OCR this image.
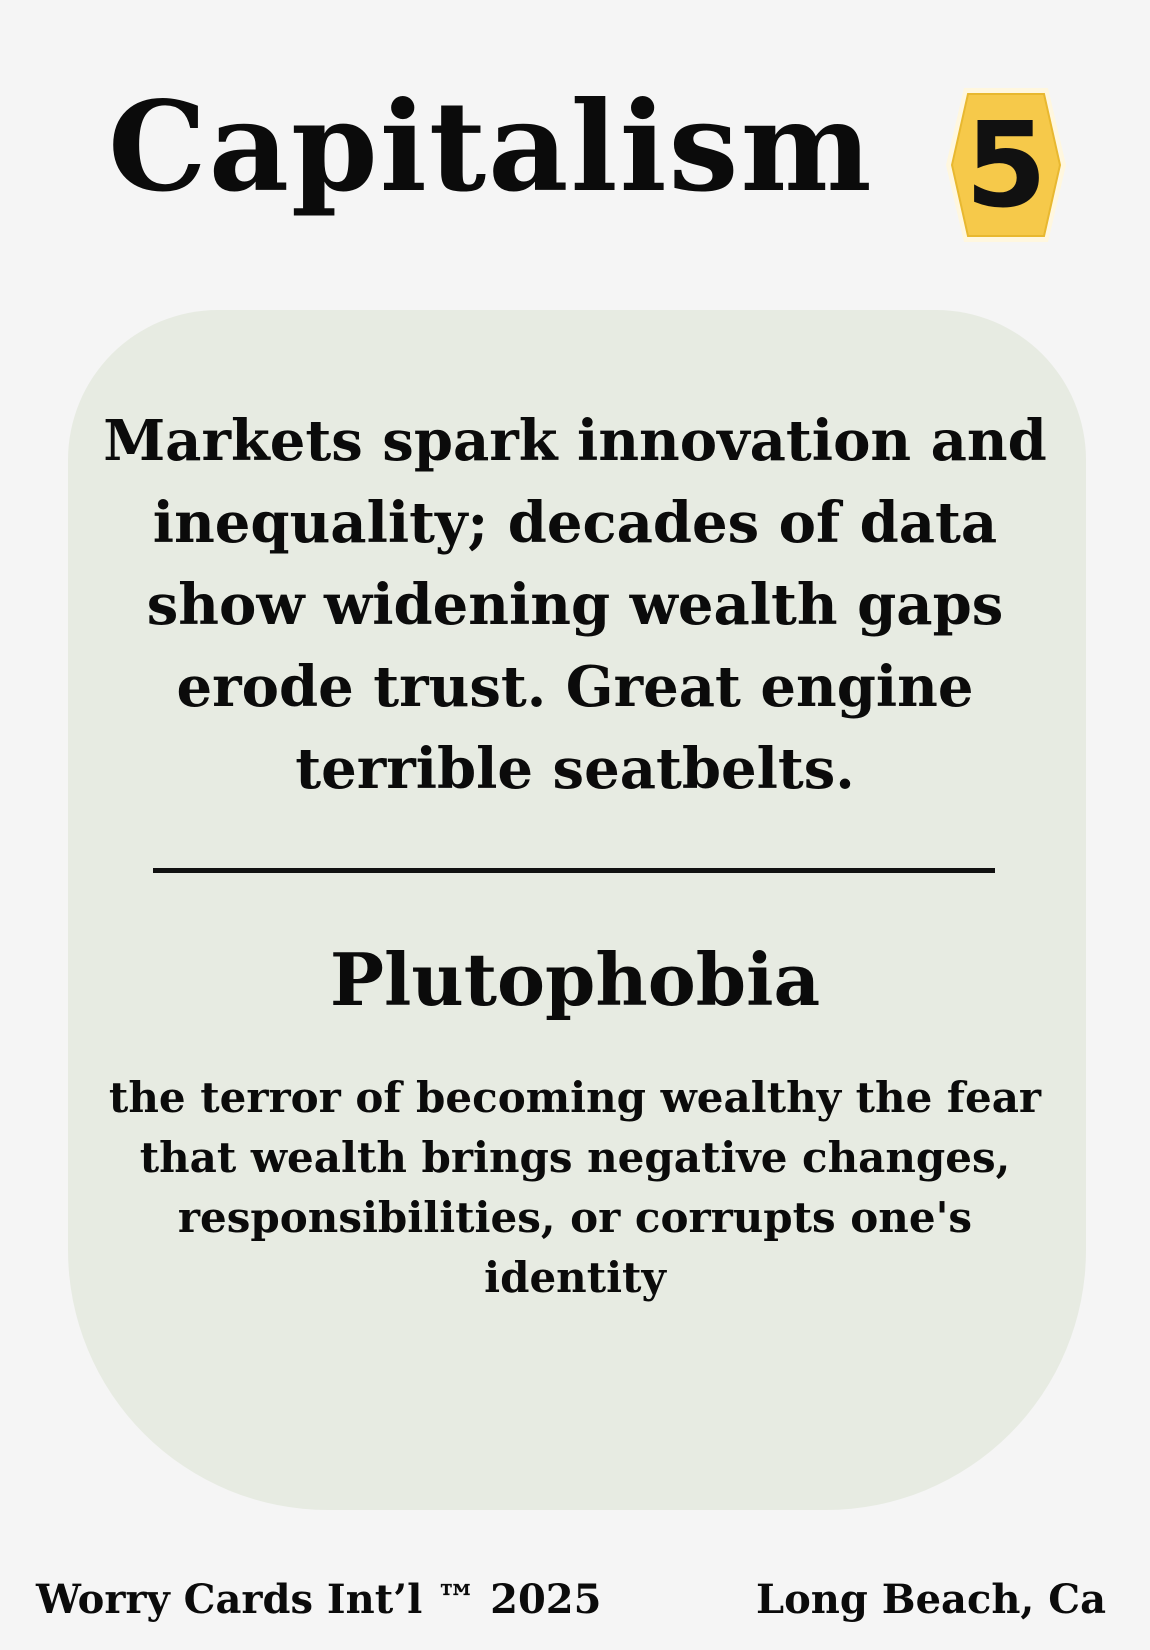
Capitalism 5

Markets spark innovation and inequality; decades of data show widening wealth gaps erode trust. Great engine terrible seatbelts.

Plutophobia

the terror of becoming wealthy the fear that wealth brings negative changes, responsibilities, or corrupts one's identity

Worry Cards Int’l ™ 2025	Long Beach, Ca
